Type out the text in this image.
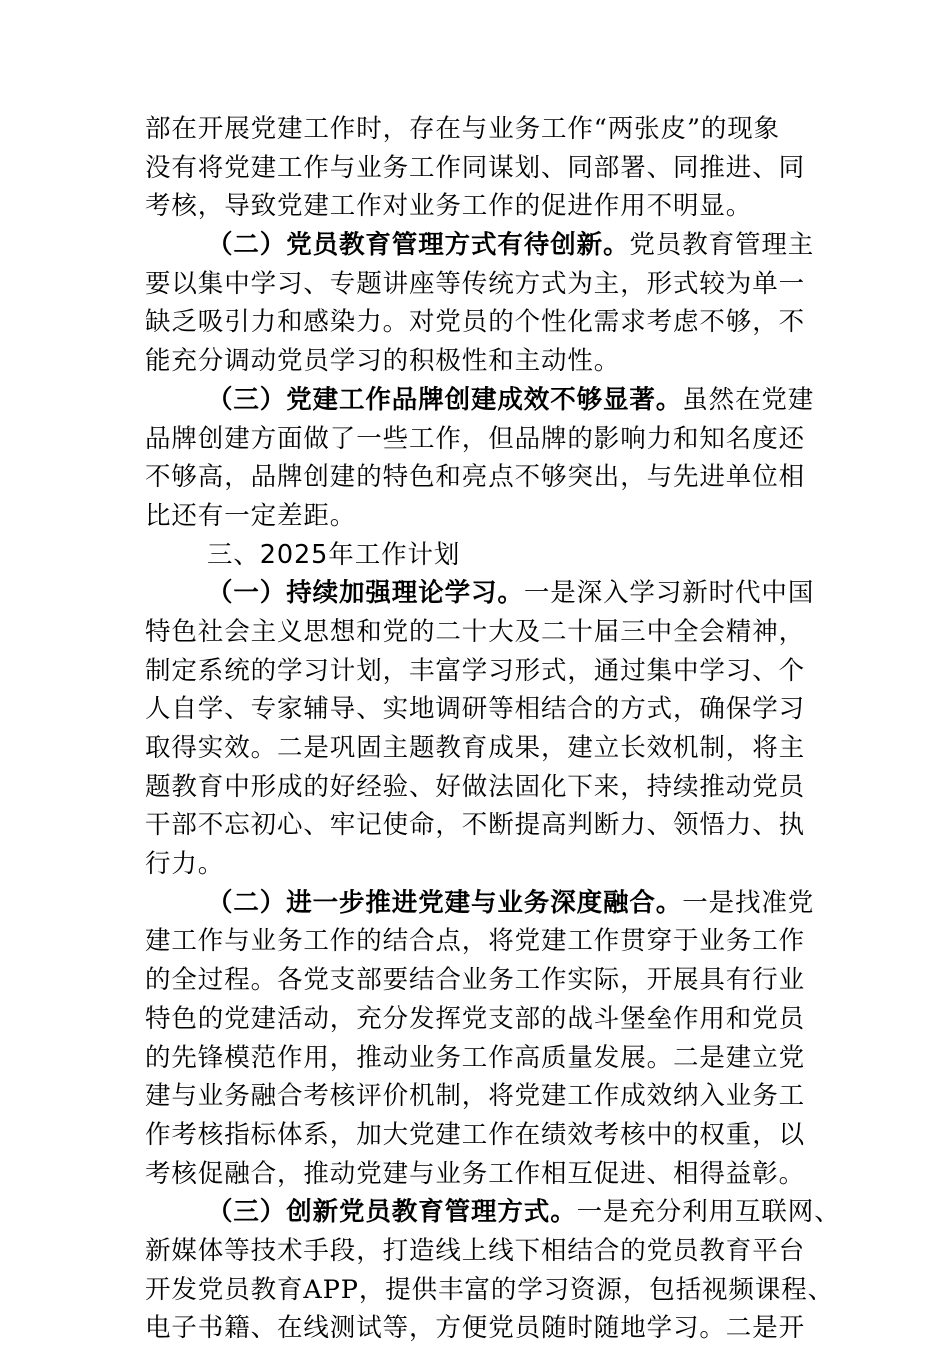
部在开展党建工作时，存在与业务工作“两张皮”的现象
没有将党建工作与业务工作同谋划、同部署、同推进、同
考核，导致党建工作对业务工作的促进作用不明显。
（二）党员教育管理方式有待创新。党员教育管理主
要以集中学习、专题讲座等传统方式为主，形式较为单一
缺乏吸引力和感染力。对党员的个性化需求考虑不够，不
能充分调动党员学习的积极性和主动性。
（三）党建工作品牌创建成效不够显著。虽然在党建
品牌创建方面做了一些工作，但品牌的影响力和知名度还
不够高，品牌创建的特色和亮点不够突出，与先进单位相
比还有一定差距。
三、2025年工作计划
（一）持续加强理论学习。一是深入学习新时代中国
特色社会主义思想和党的二十大及二十届三中全会精神，
制定系统的学习计划，丰富学习形式，通过集中学习、个
人自学、专家辅导、实地调研等相结合的方式，确保学习
取得实效。二是巩固主题教育成果，建立长效机制，将主
题教育中形成的好经验、好做法固化下来，持续推动党员
干部不忘初心、牢记使命，不断提高判断力、领悟力、执
行力。
（二）进一步推进党建与业务深度融合。一是找准党
建工作与业务工作的结合点，将党建工作贯穿于业务工作
的全过程。各党支部要结合业务工作实际，开展具有行业
特色的党建活动，充分发挥党支部的战斗堡垒作用和党员
的先锋模范作用，推动业务工作高质量发展。二是建立党
建与业务融合考核评价机制，将党建工作成效纳入业务工
作考核指标体系，加大党建工作在绩效考核中的权重，以
考核促融合，推动党建与业务工作相互促进、相得益彰。
（三）创新党员教育管理方式。一是充分利用互联网、
新媒体等技术手段，打造线上线下相结合的党员教育平台
开发党员教育APP，提供丰富的学习资源，包括视频课程、
电子书籍、在线测试等，方便党员随时随地学习。二是开
